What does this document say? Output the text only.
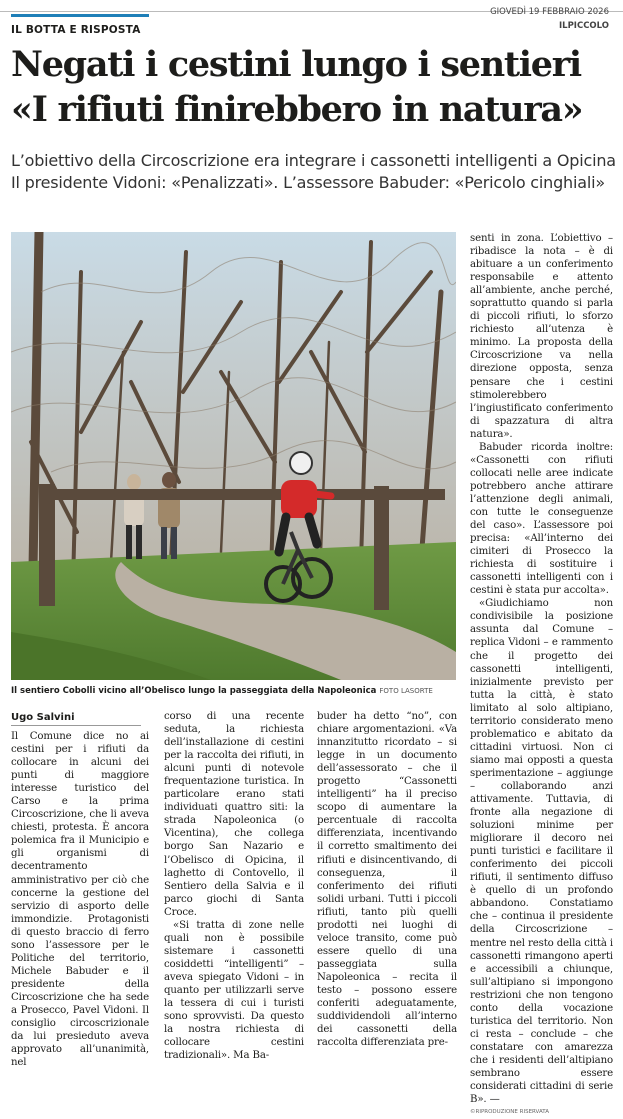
IL BOTTA E RISPOSTA
GIOVEDÌ 19 FEBBRAIO 2026
ILPICCOLO
Negati i cestini lungo i sentieri
«I rifiuti finirebbero in natura»
L’obiettivo della Circoscrizione era integrare i cassonetti intelligenti a Opicina
Il presidente Vidoni: «Penalizzati». L’assessore Babuder: «Pericolo cinghiali»
Il sentiero Cobolli vicino all’Obelisco lungo la passeggiata della Napoleonica FOTO LASORTE
Ugo Salvini

Il Comune dice no ai cestini per i rifiuti da collocare in alcuni dei punti di maggiore interesse turistico del Carso e la prima Circoscrizione, che li aveva chiesti, protesta. È ancora polemica fra il Municipio e gli organismi di decentramento amministrativo per ciò che concerne la gestione del servizio di asporto delle immondizie. Protagonisti di questo braccio di ferro sono l’assessore per le Politiche del territorio, Michele Babuder e il presidente della Circoscrizione che ha sede a Prosecco, Pavel Vidoni. Il consiglio circoscrizionale da lui presieduto aveva approvato all’unanimità, nel

corso di una recente seduta, la richiesta dell’installazione di cestini per la raccolta dei rifiuti, in alcuni punti di notevole frequentazione turistica. In particolare erano stati individuati quattro siti: la strada Napoleonica (o Vicentina), che collega borgo San Nazario e l’Obelisco di Opicina, il laghetto di Contovello, il Sentiero della Salvia e il parco giochi di Santa Croce.

«Si tratta di zone nelle quali non è possibile sistemare i cassonetti cosiddetti “intelligenti” – aveva spiegato Vidoni – in quanto per utilizzarli serve la tessera di cui i turisti sono sprovvisti. Da questo la nostra richiesta di collocare cestini tradizionali». Ma Ba-

buder ha detto “no”, con chiare argomentazioni. «Va innanzitutto ricordato – si legge in un documento dell’assessorato – che il progetto “Cassonetti intelligenti” ha il preciso scopo di aumentare la percentuale di raccolta differenziata, incentivando il corretto smaltimento dei rifiuti e disincentivando, di conseguenza, il conferimento dei rifiuti solidi urbani. Tutti i piccoli rifiuti, tanto più quelli prodotti nei luoghi di veloce transito, come può essere quello di una passeggiata sulla Napoleonica – recita il testo – possono essere conferiti adeguatamente, suddividendoli all’interno dei cassonetti della raccolta differenziata pre-

senti in zona. L’obiettivo – ribadisce la nota – è di abituare a un conferimento responsabile e attento all’ambiente, anche perché, soprattutto quando si parla di piccoli rifiuti, lo sforzo richiesto all’utenza è minimo. La proposta della Circoscrizione va nella direzione opposta, senza pensare che i cestini stimolerebbero l’ingiustificato conferimento di spazzatura di altra natura».

Babuder ricorda inoltre: «Cassonetti con rifiuti collocati nelle aree indicate potrebbero anche attirare l’attenzione degli animali, con tutte le conseguenze del caso». L’assessore poi precisa: «All’interno dei cimiteri di Prosecco la richiesta di sostituire i cassonetti intelligenti con i cestini è stata pur accolta».

«Giudichiamo non condivisibile la posizione assunta dal Comune – replica Vidoni – e rammento che il progetto dei cassonetti intelligenti, inizialmente previsto per tutta la città, è stato limitato al solo altipiano, territorio considerato meno problematico e abitato da cittadini virtuosi. Non ci siamo mai opposti a questa sperimentazione – aggiunge – collaborando anzi attivamente. Tuttavia, di fronte alla negazione di soluzioni minime per migliorare il decoro nei punti turistici e facilitare il conferimento dei piccoli rifiuti, il sentimento diffuso è quello di un profondo abbandono. Constatiamo che – continua il presidente della Circoscrizione – mentre nel resto della città i cassonetti rimangono aperti e accessibili a chiunque, sull’altipiano si impongono restrizioni che non tengono conto della vocazione turistica del territorio. Non ci resta – conclude – che constatare con amarezza che i residenti dell’altipiano sembrano essere considerati cittadini di serie B». —

©RIPRODUZIONE RISERVATA
